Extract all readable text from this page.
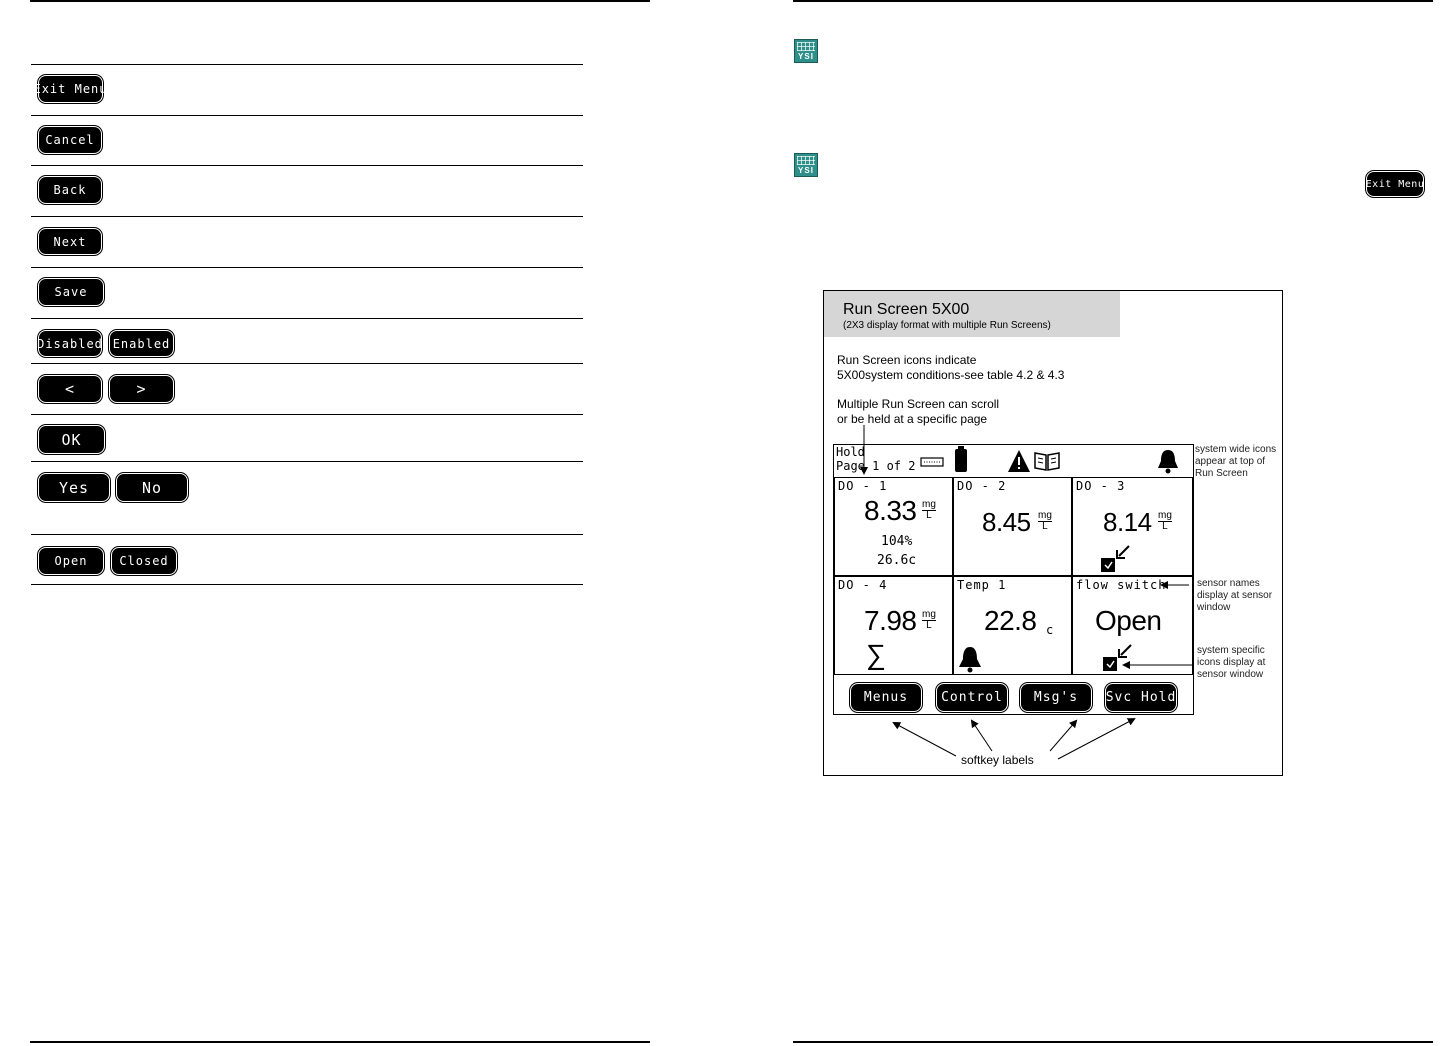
Exit Menu
Cancel
Back
Next
Save
Disabled Enabled
<	>
OK
Yes	No
Open	Closed
YSI
YSI
Exit Menu
Run Screen 5X00
(2X3 display format with multiple Run Screens)
Run Screen icons indicate
5X00system conditions-see table 4.2 & 4.3
Multiple Run Screen can scroll
or be held at a specific page
system wide icons
appear at top of
Run Screen
sensor names
display at sensor
window
system specific
icons display at
sensor window
softkey labels
Hold
Page 1 of 2
DO - 1
$8.33 \frac{mg}{L}$
104%
26.6c
DO - 2
$8.45 \frac{mg}{L}$
DO - 3
$8.14 \frac{mg}{L}$
DO - 4
$7.98 \frac{mg}{L}$
∑
Temp 1
22.8 c
flow switch
Open
Menus	Control	Msg's	Svc Hold
